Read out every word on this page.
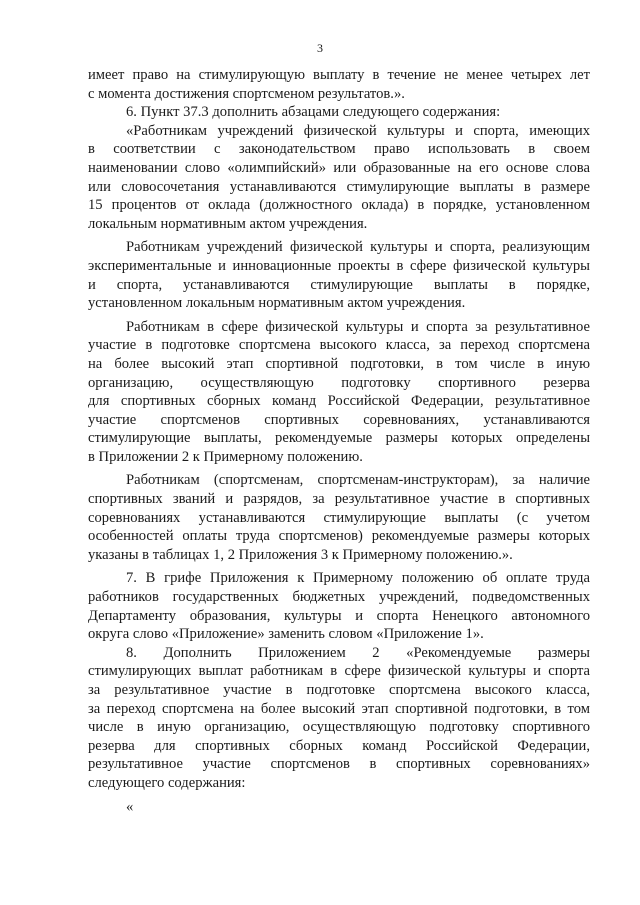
3
имеет право на стимулирующую выплату в течение не менее четырех лет
с момента достижения спортсменом результатов.».
6. Пункт 37.3 дополнить абзацами следующего содержания:
«Работникам учреждений физической культуры и спорта, имеющих
в соответствии с законодательством право использовать в своем
наименовании слово «олимпийский» или образованные на его основе слова
или словосочетания устанавливаются стимулирующие выплаты в размере
15 процентов от оклада (должностного оклада) в порядке, установленном
локальным нормативным актом учреждения.
Работникам учреждений физической культуры и спорта, реализующим
экспериментальные и инновационные проекты в сфере физической культуры
и спорта, устанавливаются стимулирующие выплаты в порядке,
установленном локальным нормативным актом учреждения.
Работникам в сфере физической культуры и спорта за результативное
участие в подготовке спортсмена высокого класса, за переход спортсмена
на более высокий этап спортивной подготовки, в том числе в иную
организацию, осуществляющую подготовку спортивного резерва
для спортивных сборных команд Российской Федерации, результативное
участие спортсменов спортивных соревнованиях, устанавливаются
стимулирующие выплаты, рекомендуемые размеры которых определены
в Приложении 2 к Примерному положению.
Работникам (спортсменам, спортсменам-инструкторам), за наличие
спортивных званий и разрядов, за результативное участие в спортивных
соревнованиях устанавливаются стимулирующие выплаты (с учетом
особенностей оплаты труда спортсменов) рекомендуемые размеры которых
указаны в таблицах 1, 2 Приложения 3 к Примерному положению.».
7. В грифе Приложения к Примерному положению об оплате труда
работников государственных бюджетных учреждений, подведомственных
Департаменту образования, культуры и спорта Ненецкого автономного
округа слово «Приложение» заменить словом «Приложение 1».
8. Дополнить Приложением 2 «Рекомендуемые размеры
стимулирующих выплат работникам в сфере физической культуры и спорта
за результативное участие в подготовке спортсмена высокого класса,
за переход спортсмена на более высокий этап спортивной подготовки, в том
числе в иную организацию, осуществляющую подготовку спортивного
резерва для спортивных сборных команд Российской Федерации,
результативное участие спортсменов в спортивных соревнованиях»
следующего содержания:
«
